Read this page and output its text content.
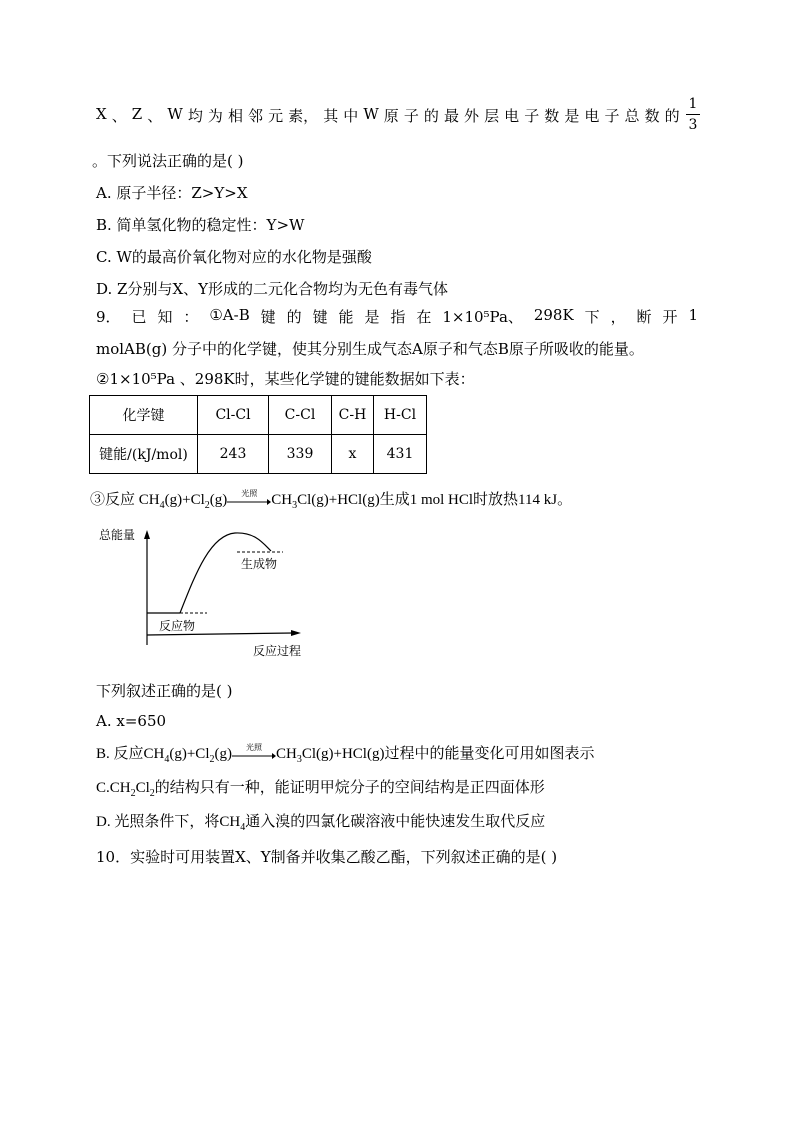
X 、 Z 、 W 均 为 相 邻 元 素， 其 中 W 原 子 的 最 外 层 电 子 数 是 电 子 总 数 的
1
3
。下列说法正确的是( )
A. 原子半径：Z>Y>X
B. 简单氢化物的稳定性：Y>W
C. W的最高价氧化物对应的水化物是强酸
D. Z分别与X、Y形成的二元化合物均为无色有毒气体
9． 已 知 ： ①A-B 键 的 键 能 是 指 在 1×10⁵Pa、 298K 下 ， 断 开 1
molAB(g) 分子中的化学键，使其分别生成气态A原子和气态B原子所吸收的能量。
②1×10⁵Pa 、298K时，某些化学键的键能数据如下表：
化学键	Cl-Cl	C-Cl	C-H	H-Cl
键能/(kJ/mol)	243	339	x	431
③反应 $CH_4(g)+Cl_2(g)$	光照 $CH_3Cl(g)+HCl(g)$生成1 mol HCl时放热114 kJ。
总能量
反应过程
反应物
生成物
下列叙述正确的是( )
A. x=650
B. 反应$CH_4(g)+Cl_2(g)$	光照 $CH_3Cl(g)+HCl(g)$过程中的能量变化可用如图表示
$C.CH_2Cl_2$的结构只有一种，能证明甲烷分子的空间结构是正四面体形
D. 光照条件下，将$CH_4$通入溴的四氯化碳溶液中能快速发生取代反应
10．实验时可用装置X、Y制备并收集乙酸乙酯，下列叙述正确的是( )
